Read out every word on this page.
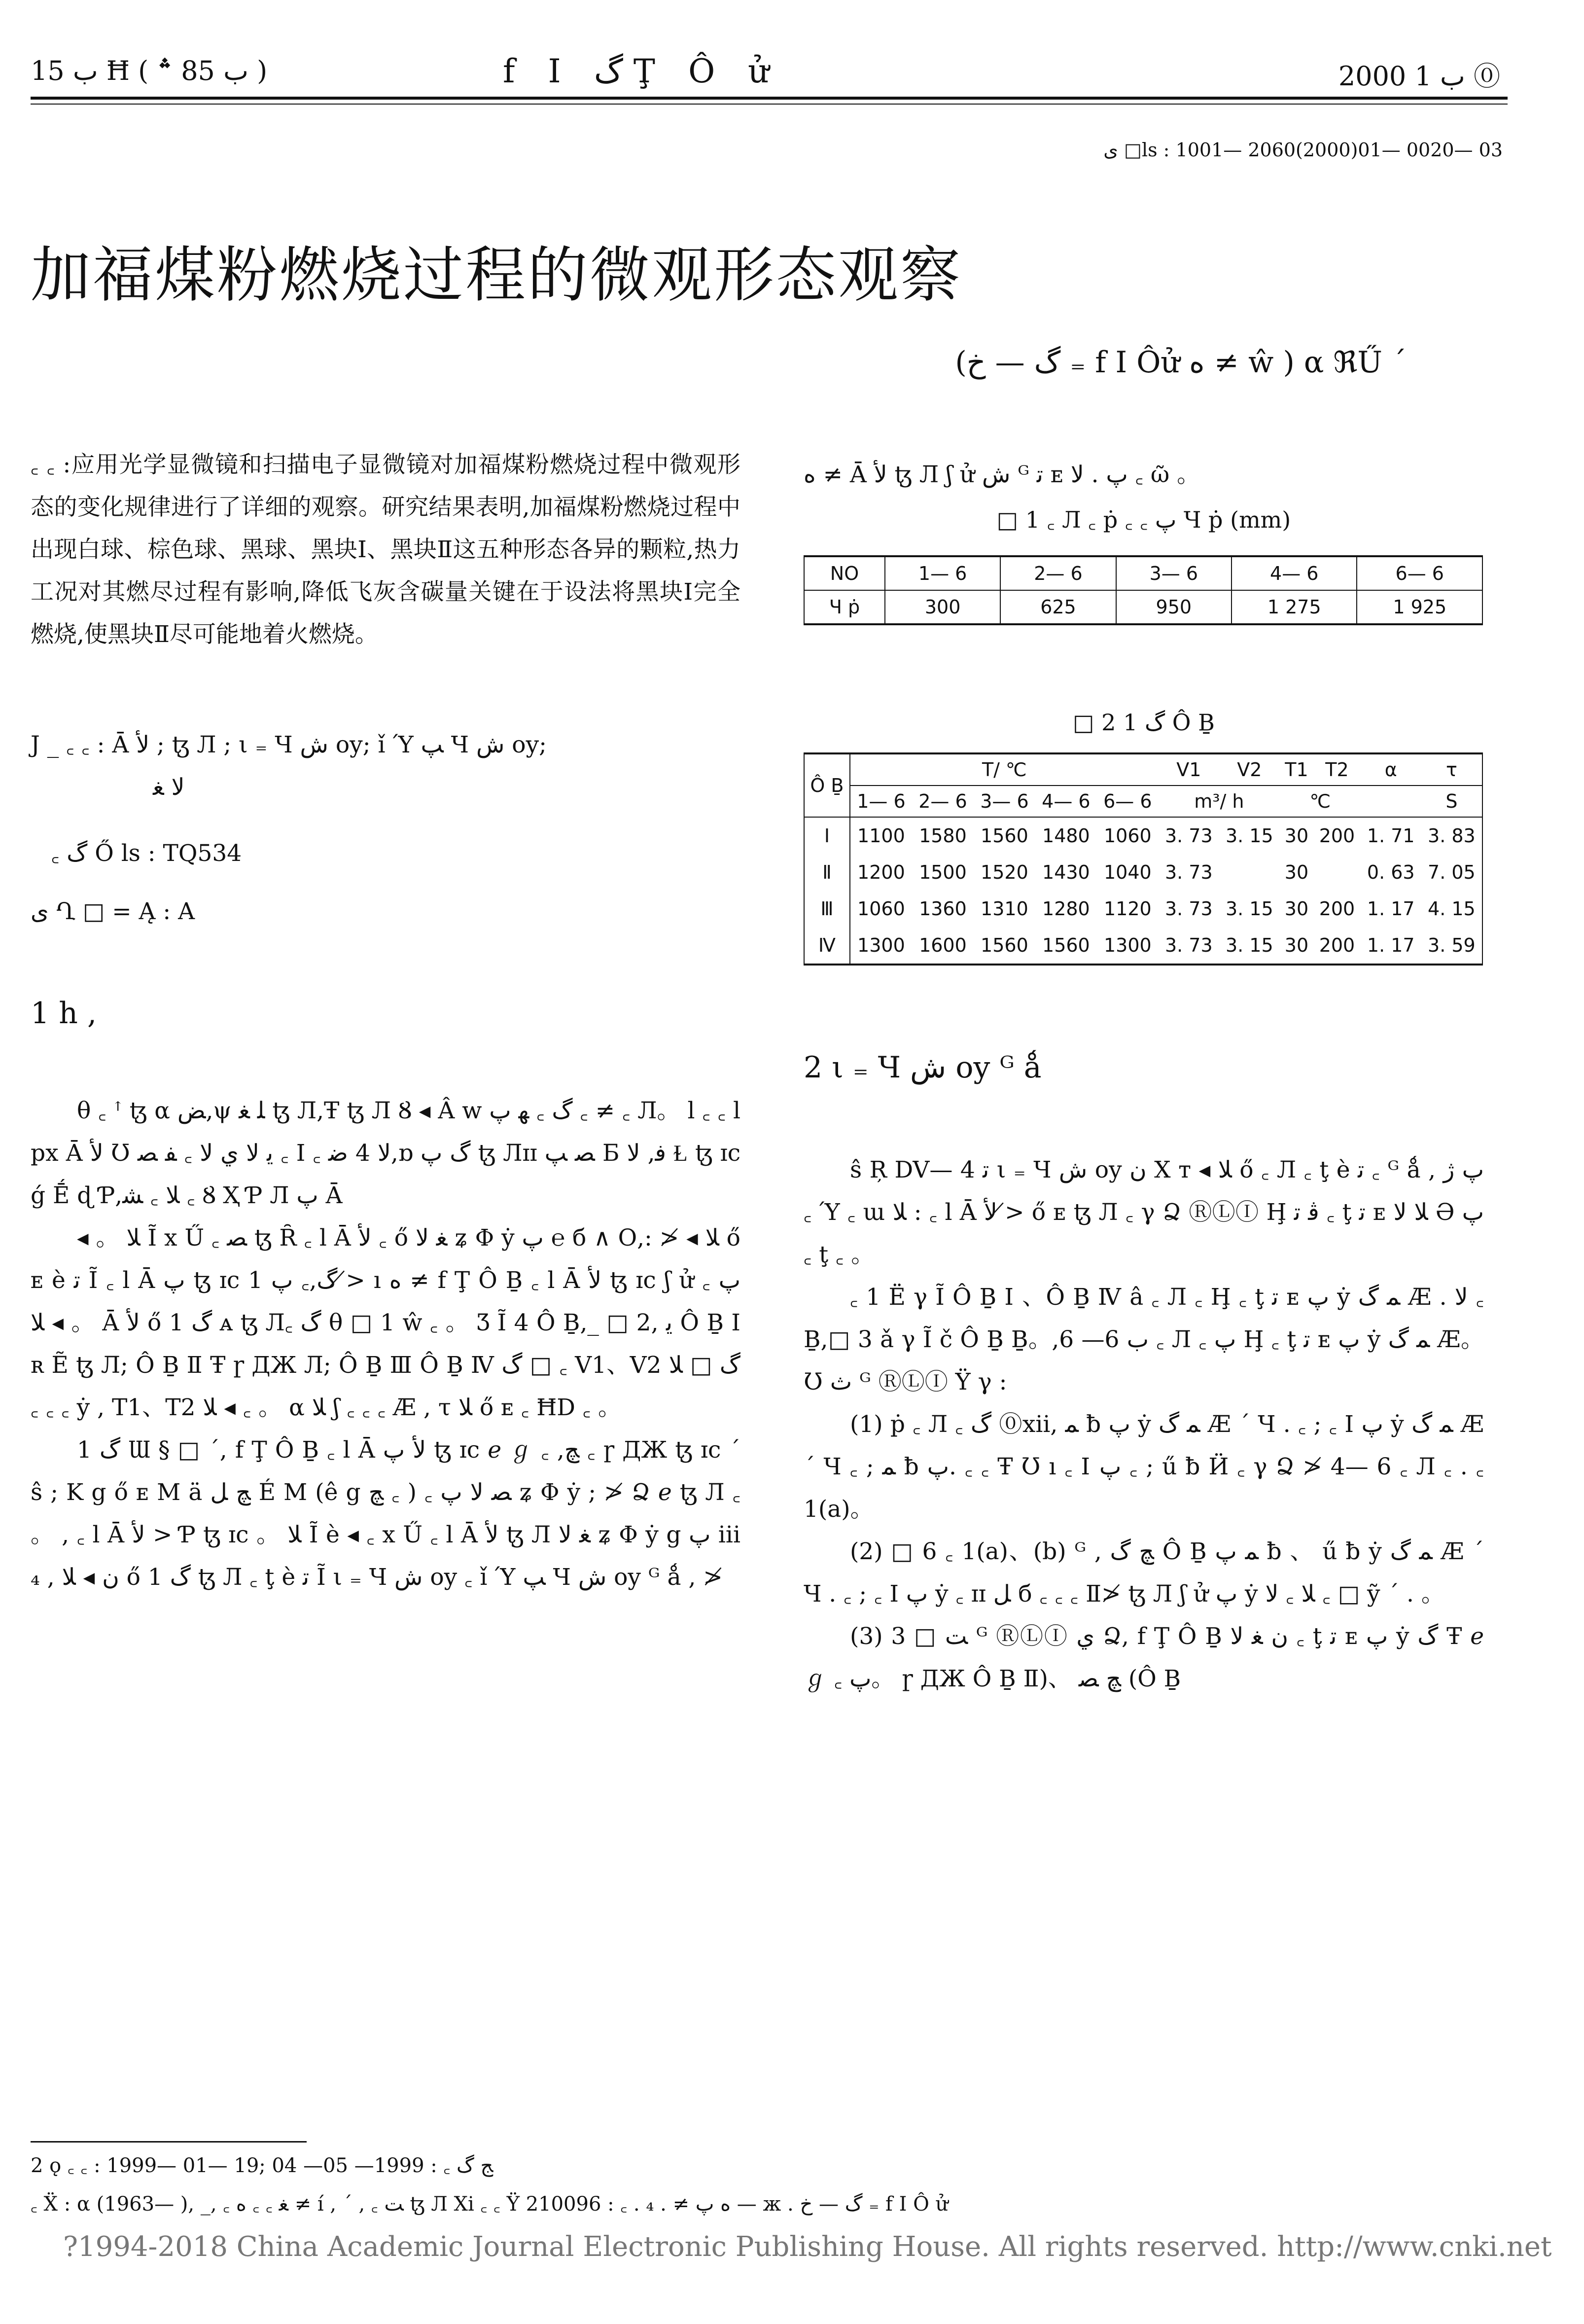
ب 15 Ħ ( ب 85 ؞ )	f I گ Ţ Ô ử	2000 ب 1 ⓪
ى □ls : 1001— 2060(2000)01— 0020— 03
加福煤粉燃烧过程的微观形态观察
(گ — خ ₌ f I Ôử ه ≠ ŵ ) α ℜŰ ´
꜀ ꜀ :应用光学显微镜和扫描电子显微镜对加福煤粉燃烧过程中微观形态的变化规律进行了详细的观察。研究结果表明,加福煤粉燃烧过程中出现白球、棕色球、黑球、黑块Ⅰ、黑块Ⅱ这五种形态各异的颗粒,热力工况对其燃尽过程有影响,降低飞灰含碳量关键在于设法将黑块Ⅰ完全燃烧,使黑块Ⅱ尽可能地着火燃烧。
J _ ꜀ ꜀ : Ā ﻷ ; ꜩ Л ; ι ₌ Ч ش oy; ǐ Ύ ﭗ Ч ش oy;
ﻻ ﻐ
꜀ گ Ő ls : TQ534
ى Ղ □ = Ą : A
1 h ,
θ ꜀ ꜛ ꜩ α ﺾ,ψ ﻠ ﻐ ꜩ Л,Ŧ ꜩ Л Ȣ ◂ Â w گ ꜀ ﻬ پ ꜀ ≠ ꜀ Л。 l ꜀ ꜀ l px Ā ﻷ Ʊ ﻳ ﻻ ي ﻻ ꜀ ﻔ ﺼ ꜀ I ꜀ ﻻ 4 ﺿ,ɒ گ پ ꜩ Лɪɪ ﺼ ﭗ Б ﻓ, ﻻ Ɫ ꜩ ɪc ǵ Ḗ ɖ Ƥ,ﻼ ꜀ ﺸ ꜀ Ȣ Ҳ Ƥ Л پ Ā
◂ 。 ﻼ Ĩ x Ű ꜀ ﺼ ꜩ Ȓ ꜀ l Ā ﻷ ꜀ ő ﻐ ﻻ ʑ Φ ẏ پ ℮ б ∧ Ο,: ≯ ◂ ﻼ ő ᴇ è ﺗ Ĩ ꜀ l Ā پ ꜩ ɪc 1 گ,꜀ پ ≯ ı ه ≠ f Ţ Ô Ḇ ꜀ l Ā ﻷ ꜩ ɪc ʃ ử پ ꜀ 。 ◂ ﻼ Ā ﻷ ő 1 گ ᴀ ꜩ Л꜀ گ θ □ 1 ŵ ꜀ 。 Ʒ Ĩ 4 Ô Ḇ,_ □ 2, ﻳ Ô Ḇ Ⅰ ʀ Ẽ ꜩ Л; Ô Ḇ Ⅱ Ŧ ɼ ДЖ Л; Ô Ḇ Ⅲ Ô Ḇ Ⅳ گ □ ꜀ V1、V2 گ □ ﻼ ꜀ ꜀ ꜀ ẏ , T1、T2 ﻼ ◂ ꜀ 。 α ﻼ ʃ ꜀ ꜀ ꜀ Æ , τ ﻼ ő ᴇ ꜀ ĦD ꜀ 。
1 گ Ɯ § □ ´, f Ţ Ô Ḇ ꜀ l Ā ﻷ پ ꜩ ɪc ℯ ℊ ꜀ ,ﭻ ꜀ ɼ ДЖ ꜩ ɪc ´ ŝ ; K g ő ᴇ M ä ﭻ ﻞ É M (ê g ﭻ ꜀ ) ꜀ ﺼ ﻻ پ ʑ Φ ẏ ; ≯ Ձ ℯ ꜩ Л ꜀ 。 , ꜀ l Ā ﻷ > Ƥ ꜩ ɪc 。 ﻼ Ĩ è ◂ ꜀ x Ű ꜀ l Ā ﻷ ꜩ Л ﻐ ﻻ ʑ Φ ẏ g پ iii ₄ , ﻥ ◂ ﻼ ő 1 گ ꜩ Л ꜀ ţ è ﺗ Ĩ ι ₌ Ч ش oy ꜀ ǐ Ύ ﭗ Ч ش oy ᴳ ǻ , ≯
ه ≠ Ā ﻷ ꜩ Л ʃ ử ش ᴳ ﺗ ᴇ پ . ﻻ ꜀ ῶ 。
□ 1 ꜀ Л ꜀ ṗ ꜀ ꜀ پ Ч ṗ (mm)
NO	1— 6	2— 6	3— 6	4— 6	6— 6
Ч ṗ	300	625	950	1 275	1 925
□ 2 1 گ Ô Ḇ
Ô Ḇ	T/ ℃					V1	V2	T1	T2	α	τ
	1— 6	2— 6	3— 6	4— 6	6— 6	m³/ h		℃			S
Ⅰ	1100	1580	1560	1480	1060	3. 73	3. 15	30	200	1. 71	3. 83
Ⅱ	1200	1500	1520	1430	1040	3. 73		30		0. 63	7. 05
Ⅲ	1060	1360	1310	1280	1120	3. 73	3. 15	30	200	1. 17	4. 15
Ⅳ	1300	1600	1560	1560	1300	3. 73	3. 15	30	200	1. 17	3. 59
2 ι ₌ Ч ش oy ᴳ ǻ
ŝ Ŗ DV— 4 ﺗ ι ₌ Ч ش oy ﻥ Χ ᴛ ◂ ﻼ ő ꜀ Л ꜀ ţ è ﺗ ꜀ ᴳ ǻ , پ ﮊ ꜀ Ύ ꜀ ɯ ﻼ : ꜀ l Ā ﻷ ≯ ő ᴇ ꜩ Л ꜀ γ Ձ ⓇⓁⒾ Ḩ ﭬ ﺗ ꜀ ţ ﺗ ᴇ ﻼ ﻻ Ә پ ꜀ ţ ꜀ 。
꜀ 1 Ë γ Ĩ Ô Ḇ Ⅰ 、Ô Ḇ Ⅳ â ꜀ Л ꜀ Ḩ ꜀ ţ ﺗ ᴇ پ ẏ ﻤ گ Æ . ﻻ ꜀ Ḇ,□ 3 ǎ γ Ĩ č Ô Ḇ Ḇ。,ب 6— 6 ꜀ Л ꜀ پ Ḩ ꜀ ţ ﺗ ᴇ پ ẏ ﻤ گ Æ。 Ʊ ﺙ ᴳ ⓇⓁⒾ Ÿ γ :
(1) ṗ ꜀ Л ꜀ گ ⓪xii, ﻤ ƀ پ ẏ ﻤ گ Æ ´ Ч . ꜀ ; ꜀ Ⅰ پ ẏ ﻤ گ Æ ´ Ч ꜀ ; ﻤ ƀ پ. ꜀ ꜀ Ŧ Ʊ ı ꜀ Ⅰ پ ꜀ ; ű ƀ Ӥ ꜀ γ Ձ ≯ 4— 6 ꜀ Л ꜀ . ꜀ 1(a)。
(2) □ 6 ꜀ 1(a)、(b) ᴳ , ﭻ گ Ô Ḇ ﻤ پ ƀ 、 ű ƀ ẏ ﻤ گ Æ ´ Ч . ꜀ ; ꜀ Ⅰ پ ẏ ꜀ ɪɪ ﻞ б ꜀ ꜀ ꜀ Ⅱ≯ ꜩ Л ʃ ử پ ẏ ﻼ ꜀ ﻻ ꜀ □ ỹ ´ . 。
(3) ﺖ □ 3 ᴳ ⓇⓁⒾ ﻱ Ձ, f Ţ Ô Ḇ ﻥ ﻐ ﻻ ꜀ ţ ﺗ ᴇ پ ẏ گ Ŧ ℯ ℊ ꜀ پ。 ɼ ДЖ Ô Ḇ Ⅱ)、 ﭻ ﺼ (Ô Ḇ
2 ǫ ꜀ ꜀ : 1999— 01— 19; ﺞ گ ꜀ : 1999— 05— 04
꜀ Ẍ : α (1963— ), _, ꜀ ﻐ ꜀ ꜀ ه ≠ í , ´ , ꜀ ﺖ ꜩ Л Xi ꜀ ꜀ Ÿ ه پ ≠ . ₄ . ꜀ : 210096 — ж . گ — خ ₌ f I Ô ử
?1994-2018 China Academic Journal Electronic Publishing House. All rights reserved. http://www.cnki.net
